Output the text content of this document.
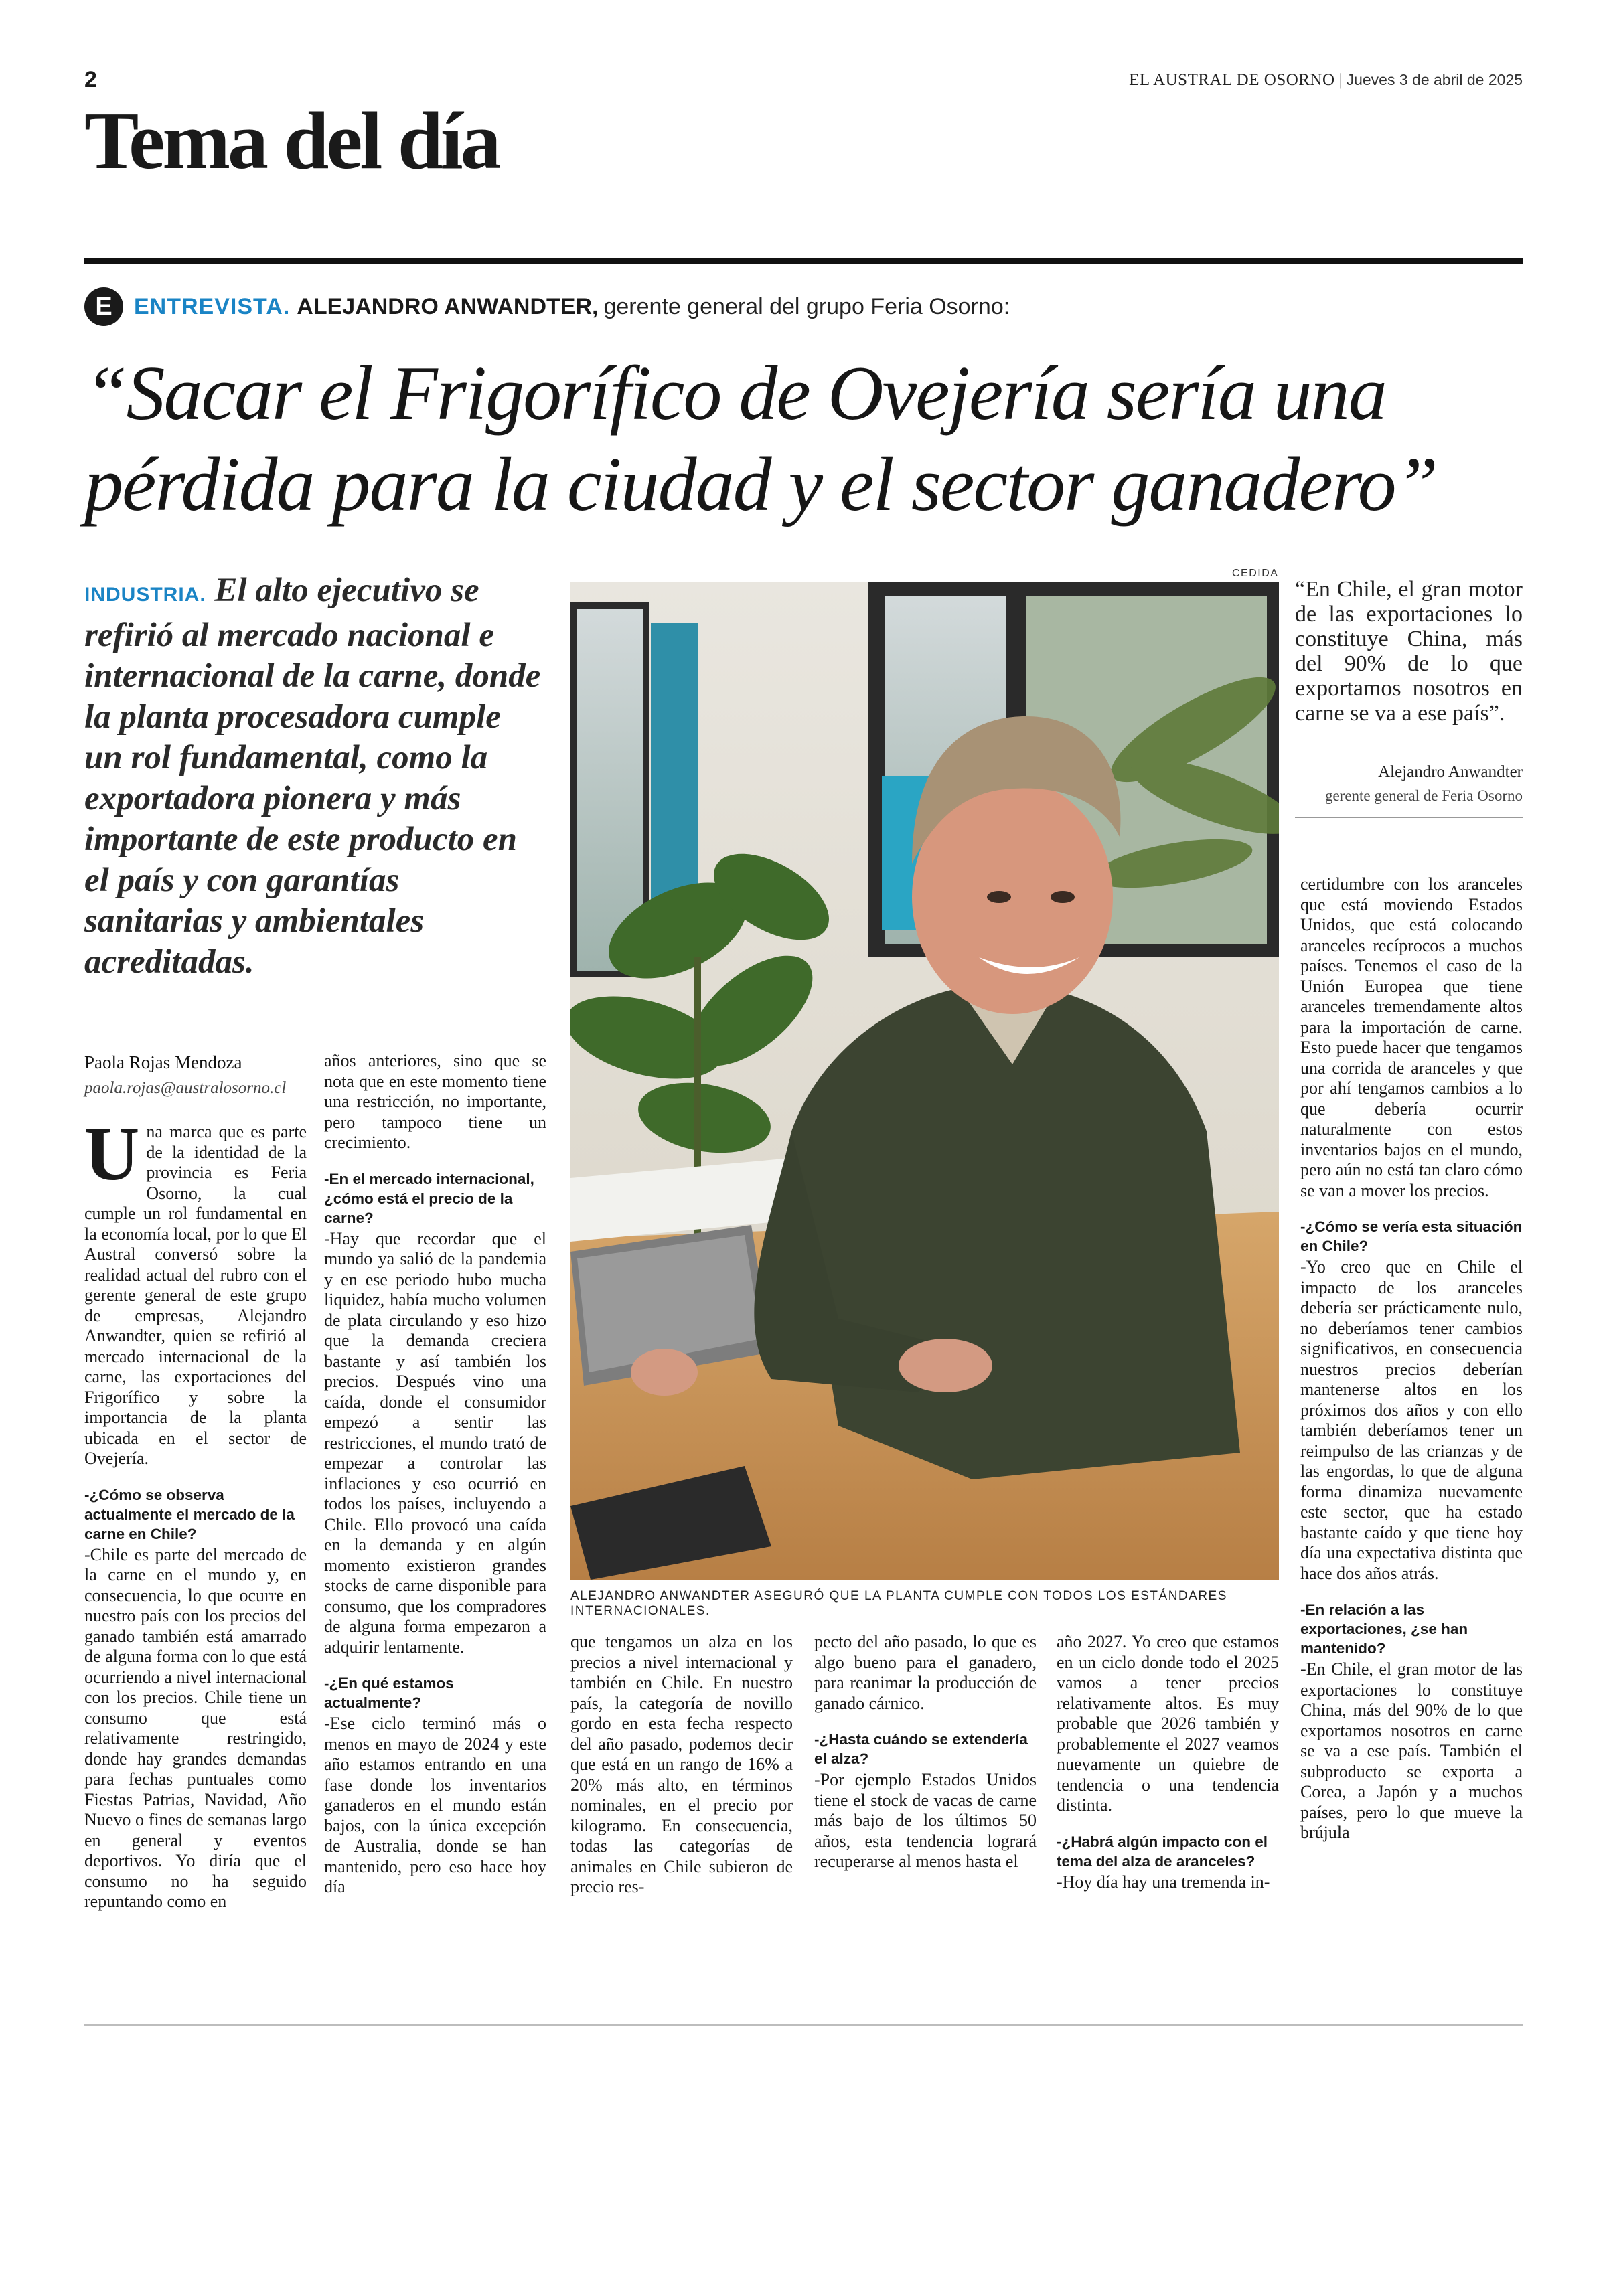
2	EL AUSTRAL DE OSORNO | Jueves 3 de abril de 2025
Tema del día
E ENTREVISTA. ALEJANDRO ANWANDTER, gerente general del grupo Feria Osorno:
“Sacar el Frigorífico de Ovejería sería una
pérdida para la ciudad y el sector ganadero”
INDUSTRIA. El alto ejecutivo se refirió al mercado nacional e internacional de la carne, donde la planta procesadora cumple un rol fundamental, como la exportadora pionera y más importante de este producto en el país y con garantías sanitarias y ambientales acreditadas.
Paola Rojas Mendoza
paola.rojas@australosorno.cl
CEDIDA
ALEJANDRO ANWANDTER ASEGURÓ QUE LA PLANTA CUMPLE CON TODOS LOS ESTÁNDARES INTERNACIONALES.
“En Chile, el gran motor de las exportaciones lo constituye China, más del 90% de lo que exportamos nosotros en carne se va a ese país”.
Alejandro Anwandter
gerente general de Feria Osorno

Una marca que es parte de la identidad de la provincia es Feria Osorno, la cual cumple un rol fundamental en la economía local, por lo que El Austral conversó sobre la realidad actual del rubro con el gerente general de este grupo de empresas, Alejandro Anwandter, quien se refirió al mercado internacional de la carne, las exportaciones del Frigorífico y sobre la importancia de la planta ubicada en el sector de Ovejería.

-¿Cómo se observa actualmente el mercado de la carne en Chile?

-Chile es parte del mercado de la carne en el mundo y, en consecuencia, lo que ocurre en nuestro país con los precios del ganado también está amarrado de alguna forma con lo que está ocurriendo a nivel internacional con los precios. Chile tiene un consumo que está relativamente restringido, donde hay grandes demandas para fechas puntuales como Fiestas Patrias, Navidad, Año Nuevo o fines de semanas largo en general y eventos deportivos. Yo diría que el consumo no ha seguido repuntando como en

años anteriores, sino que se nota que en este momento tiene una restricción, no importante, pero tampoco tiene un crecimiento.

-En el mercado internacional, ¿cómo está el precio de la carne?

-Hay que recordar que el mundo ya salió de la pandemia y en ese periodo hubo mucha liquidez, había mucho volumen de plata circulando y eso hizo que la demanda creciera bastante y así también los precios. Después vino una caída, donde el consumidor empezó a sentir las restricciones, el mundo trató de empezar a controlar las inflaciones y eso ocurrió en todos los países, incluyendo a Chile. Ello provocó una caída en la demanda y en algún momento existieron grandes stocks de carne disponible para consumo, que los compradores de alguna forma empezaron a adquirir lentamente.

-¿En qué estamos actualmente?

-Ese ciclo terminó más o menos en mayo de 2024 y este año estamos entrando en una fase donde los inventarios ganaderos en el mundo están bajos, con la única excepción de Australia, donde se han mantenido, pero eso hace hoy día

que tengamos un alza en los precios a nivel internacional y también en Chile. En nuestro país, la categoría de novillo gordo en esta fecha respecto del año pasado, podemos decir que está en un rango de 16% a 20% más alto, en términos nominales, en el precio por kilogramo. En consecuencia, todas las categorías de animales en Chile subieron de precio res-

pecto del año pasado, lo que es algo bueno para el ganadero, para reanimar la producción de ganado cárnico.

-¿Hasta cuándo se extendería el alza?

-Por ejemplo Estados Unidos tiene el stock de vacas de carne más bajo de los últimos 50 años, esta tendencia logrará recuperarse al menos hasta el

año 2027. Yo creo que estamos en un ciclo donde todo el 2025 vamos a tener precios relativamente altos. Es muy probable que 2026 también y probablemente el 2027 veamos nuevamente un quiebre de tendencia o una tendencia distinta.

-¿Habrá algún impacto con el tema del alza de aranceles?

-Hoy día hay una tremenda in-

certidumbre con los aranceles que está moviendo Estados Unidos, que está colocando aranceles recíprocos a muchos países. Tenemos el caso de la Unión Europea que tiene aranceles tremendamente altos para la importación de carne. Esto puede hacer que tengamos una corrida de aranceles y que por ahí tengamos cambios a lo que debería ocurrir naturalmente con estos inventarios bajos en el mundo, pero aún no está tan claro cómo se van a mover los precios.

-¿Cómo se vería esta situación en Chile?

-Yo creo que en Chile el impacto de los aranceles debería ser prácticamente nulo, no deberíamos tener cambios significativos, en consecuencia nuestros precios deberían mantenerse altos en los próximos dos años y con ello también deberíamos tener un reimpulso de las crianzas y de las engordas, lo que de alguna forma dinamiza nuevamente este sector, que ha estado bastante caído y que tiene hoy día una expectativa distinta que hace dos años atrás.

-En relación a las exportaciones, ¿se han mantenido?

-En Chile, el gran motor de las exportaciones lo constituye China, más del 90% de lo que exportamos nosotros en carne se va a ese país. También el subproducto se exporta a Corea, a Japón y a muchos países, pero lo que mueve la brújula
